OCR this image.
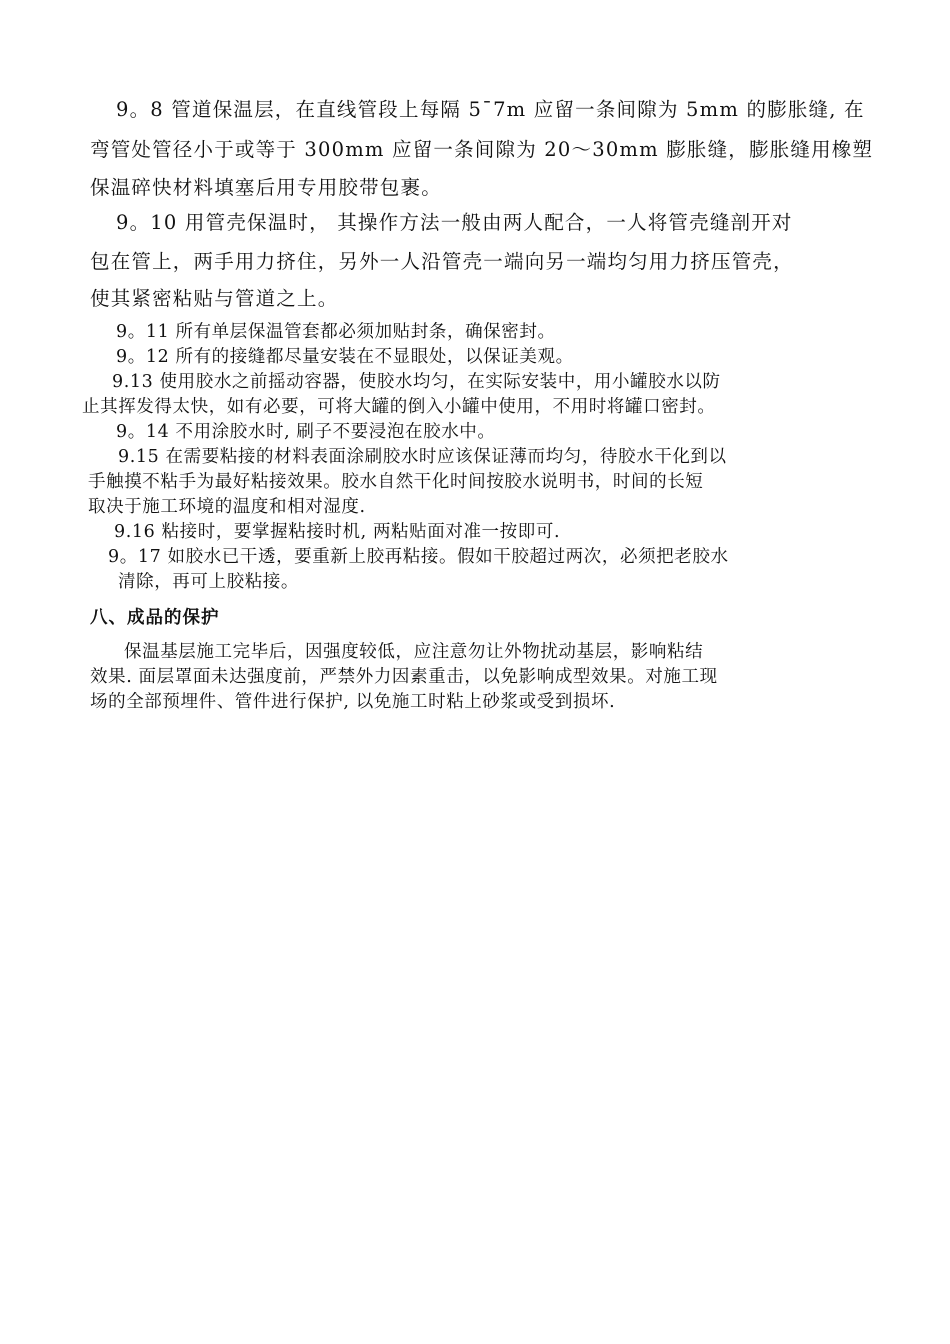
9。8 管道保温层，在直线管段上每隔 5¯7m 应留一条间隙为 5mm 的膨胀缝, 在
弯管处管径小于或等于 300mm 应留一条间隙为 20～30mm 膨胀缝，膨胀缝用橡塑
保温碎快材料填塞后用专用胶带包裹。
9。10 用管壳保温时， 其操作方法一般由两人配合，一人将管壳缝剖开对
包在管上，两手用力挤住，另外一人沿管壳一端向另一端均匀用力挤压管壳，
使其紧密粘贴与管道之上。
9。11 所有单层保温管套都必须加贴封条，确保密封。
9。12 所有的接缝都尽量安装在不显眼处，以保证美观。
9.13 使用胶水之前摇动容器，使胶水均匀，在实际安装中，用小罐胶水以防
止其挥发得太快，如有必要，可将大罐的倒入小罐中使用，不用时将罐口密封。
9。14 不用涂胶水时, 刷子不要浸泡在胶水中。
9.15 在需要粘接的材料表面涂刷胶水时应该保证薄而均匀，待胶水干化到以
手触摸不粘手为最好粘接效果。胶水自然干化时间按胶水说明书，时间的长短
取决于施工环境的温度和相对湿度.
9.16 粘接时，要掌握粘接时机, 两粘贴面对准一按即可.
9。17 如胶水已干透，要重新上胶再粘接。假如干胶超过两次，必须把老胶水
清除，再可上胶粘接。
八、成品的保护
保温基层施工完毕后，因强度较低，应注意勿让外物扰动基层，影响粘结
效果. 面层罩面未达强度前，严禁外力因素重击，以免影响成型效果。对施工现
场的全部预埋件、管件进行保护, 以免施工时粘上砂浆或受到损坏.
